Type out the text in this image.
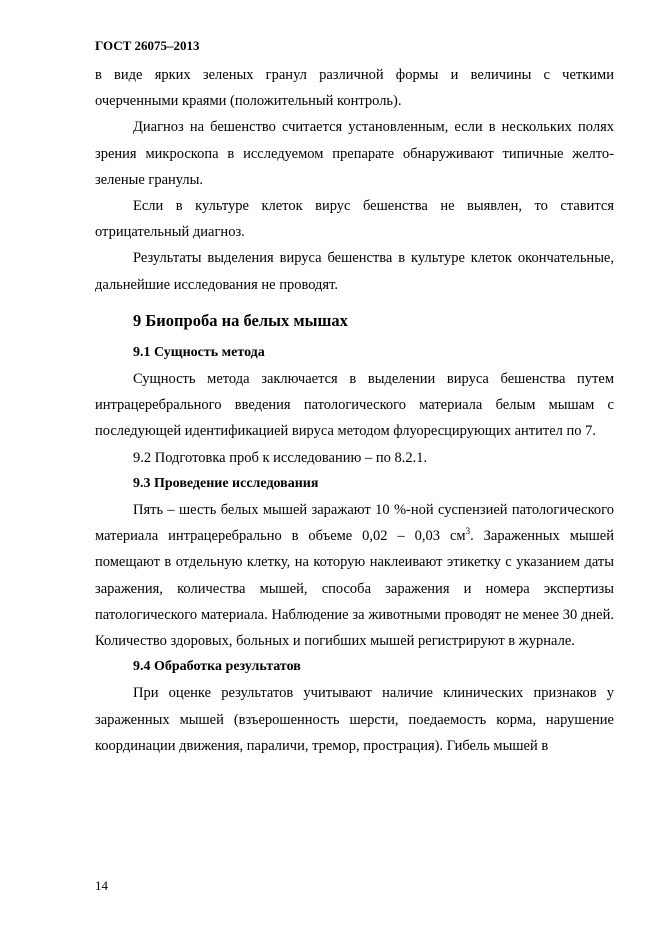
ГОСТ 26075–2013

в виде ярких зеленых гранул различной формы и величины с четкими очерченными краями (положительный контроль).

Диагноз на бешенство считается установленным, если в нескольких полях зрения микроскопа в исследуемом препарате обнаруживают типичные желто-зеленые гранулы.

Если в культуре клеток вирус бешенства не выявлен, то ставится отрицательный диагноз.

Результаты выделения вируса бешенства в культуре клеток окончательные, дальнейшие исследования не проводят.

9 Биопроба на белых мышах
9.1 Сущность метода

Сущность метода заключается в выделении вируса бешенства путем интрацеребрального введения патологического материала белым мышам с последующей идентификацией вируса методом флуоресцирующих антител по 7.

9.2 Подготовка проб к исследованию – по 8.2.1.

9.3 Проведение исследования

Пять – шесть белых мышей заражают 10 %-ной суспензией патологического материала интрацеребрально в объеме 0,02 – 0,03 $см^3$. Зараженных мышей помещают в отдельную клетку, на которую наклеивают этикетку с указанием даты заражения, количества мышей, способа заражения и номера экспертизы патологического материала. Наблюдение за животными проводят не менее 30 дней. Количество здоровых, больных и погибших мышей регистрируют в журнале.

9.4 Обработка результатов

При оценке результатов учитывают наличие клинических признаков у зараженных мышей (взъерошенность шерсти, поедаемость корма, нарушение координации движения, параличи, тремор, прострация). Гибель мышей в

14
